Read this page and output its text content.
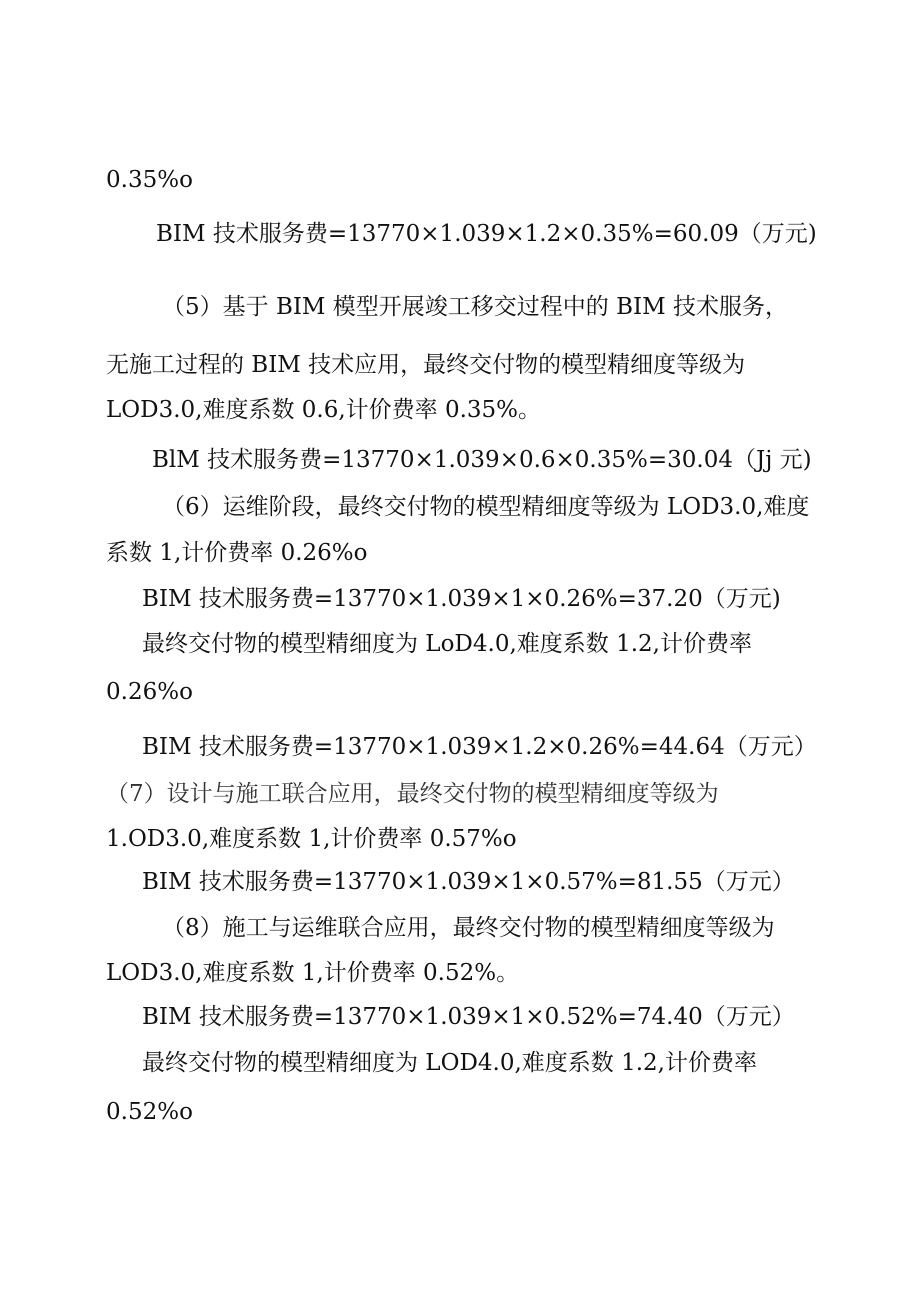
0.35%o
BIM 技术服务费=13770×1.039×1.2×0.35%=60.09（万元)
（5）基于 BIM 模型开展竣工移交过程中的 BIM 技术服务，
无施工过程的 BIM 技术应用，最终交付物的模型精细度等级为
LOD3.0,难度系数 0.6,计价费率 0.35%。
BlM 技术服务费=13770×1.039×0.6×0.35%=30.04（Jj 元)
（6）运维阶段，最终交付物的模型精细度等级为 LOD3.0,难度
系数 1,计价费率 0.26%o
BIM 技术服务费=13770×1.039×1×0.26%=37.20（万元)
最终交付物的模型精细度为 LoD4.0,难度系数 1.2,计价费率
0.26%o
BIM 技术服务费=13770×1.039×1.2×0.26%=44.64（万元）
（7）设计与施工联合应用，最终交付物的模型精细度等级为
1.OD3.0,难度系数 1,计价费率 0.57%o
BIM 技术服务费=13770×1.039×1×0.57%=81.55（万元）
（8）施工与运维联合应用，最终交付物的模型精细度等级为
LOD3.0,难度系数 1,计价费率 0.52%。
BIM 技术服务费=13770×1.039×1×0.52%=74.40（万元）
最终交付物的模型精细度为 LOD4.0,难度系数 1.2,计价费率
0.52%o
